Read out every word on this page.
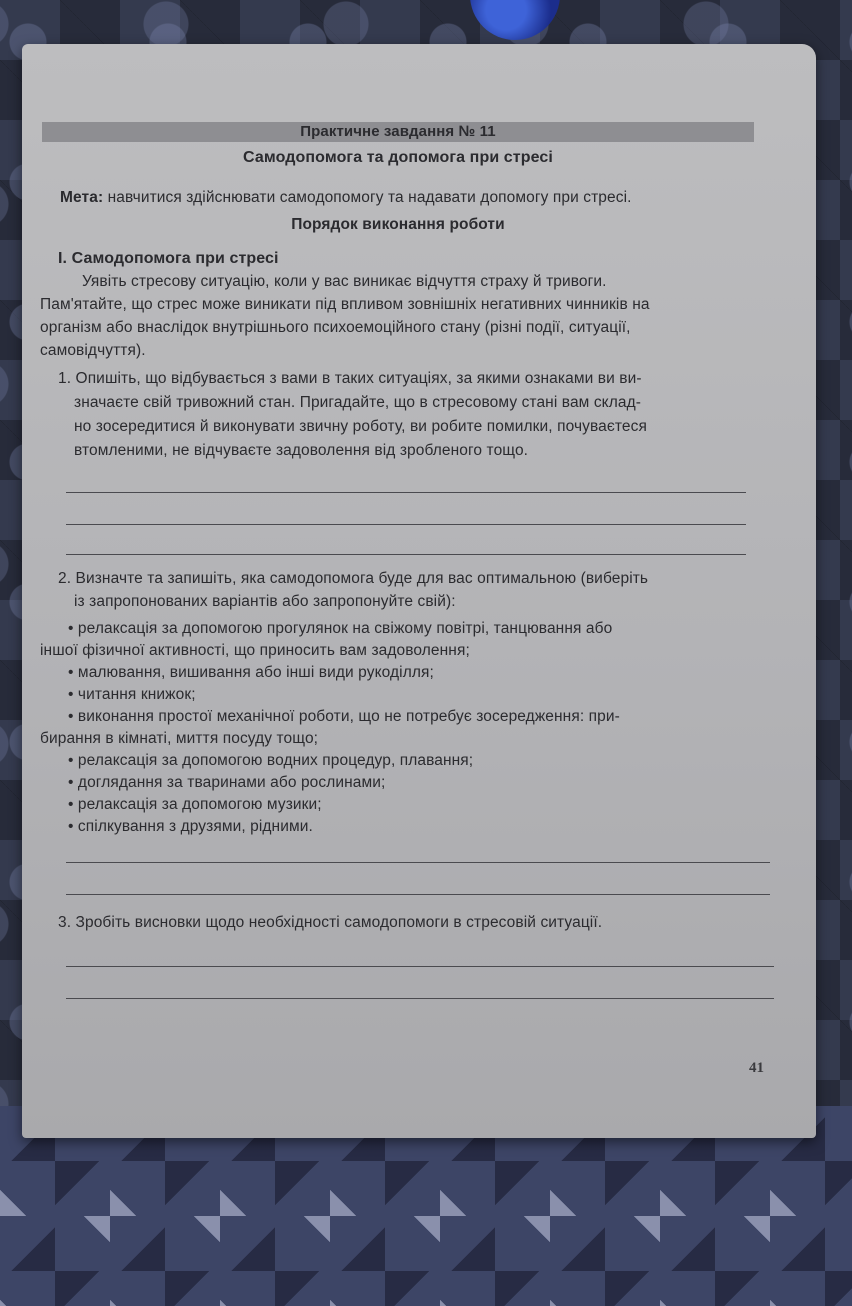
Практичне завдання № 11
Самодопомога та допомога при стресі
Мета: навчитися здійснювати самодопомогу та надавати допомогу при стресі.
Порядок виконання роботи
І. Самодопомога при стресі
Уявіть стресову ситуацію, коли у вас виникає відчуття страху й тривоги.
Пам'ятайте, що стрес може виникати під впливом зовнішніх негативних чинників на
організм або внаслідок внутрішнього психоемоційного стану (різні події, ситуації,
самовідчуття).
1. Опишіть, що відбувається з вами в таких ситуаціях, за якими ознаками ви ви-
значаєте свій тривожний стан. Пригадайте, що в стресовому стані вам склад-
но зосередитися й виконувати звичну роботу, ви робите помилки, почуваєтеся
втомленими, не відчуваєте задоволення від зробленого тощо.
2. Визначте та запишіть, яка самодопомога буде для вас оптимальною (виберіть
із запропонованих варіантів або запропонуйте свій):
• релаксація за допомогою прогулянок на свіжому повітрі, танцювання або
іншої фізичної активності, що приносить вам задоволення;
• малювання, вишивання або інші види рукоділля;
• читання книжок;
• виконання простої механічної роботи, що не потребує зосередження: при-
бирання в кімнаті, миття посуду тощо;
• релаксація за допомогою водних процедур, плавання;
• доглядання за тваринами або рослинами;
• релаксація за допомогою музики;
• спілкування з друзями, рідними.
3. Зробіть висновки щодо необхідності самодопомоги в стресовій ситуації.
41
